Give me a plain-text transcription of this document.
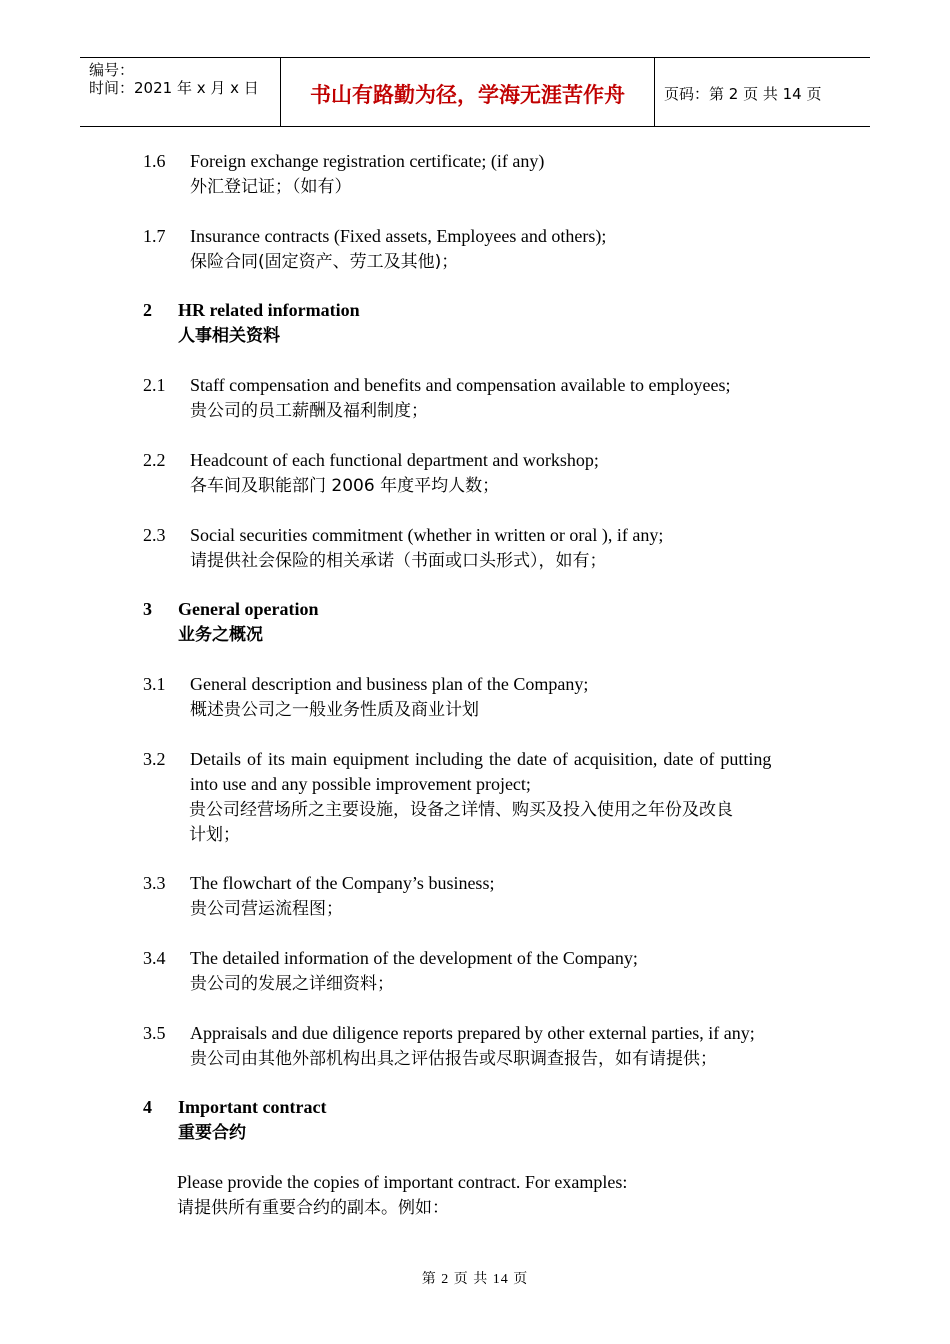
编号：
时间：2021 年 x 月 x 日	书山有路勤为径，学海无涯苦作舟	页码：第 2 页 共 14 页
1.6 Foreign exchange registration certificate; (if any)
外汇登记证；（如有）
1.7 Insurance contracts (Fixed assets, Employees and others);
保险合同(固定资产、劳工及其他)；
2 HR related information
人事相关资料
2.1 Staff compensation and benefits and compensation available to employees;
贵公司的员工薪酬及福利制度；
2.2 Headcount of each functional department and workshop;
各车间及职能部门 2006 年度平均人数；
2.3 Social securities commitment (whether in written or oral ), if any;
请提供社会保险的相关承诺（书面或口头形式），如有；
3 General operation
业务之概况
3.1 General description and business plan of the Company;
概述贵公司之一般业务性质及商业计划
3.2 Details of its main equipment including the date of acquisition, date of putting
into use and any possible improvement project;
贵公司经营场所之主要设施，设备之详情、购买及投入使用之年份及改良
计划；
3.3 The flowchart of the Company’s business;
贵公司营运流程图；
3.4 The detailed information of the development of the Company;
贵公司的发展之详细资料；
3.5 Appraisals and due diligence reports prepared by other external parties, if any;
贵公司由其他外部机构出具之评估报告或尽职调查报告，如有请提供；
4 Important contract
重要合约
Please provide the copies of important contract. For examples:
请提供所有重要合约的副本。例如：
第 2 页 共 14 页
